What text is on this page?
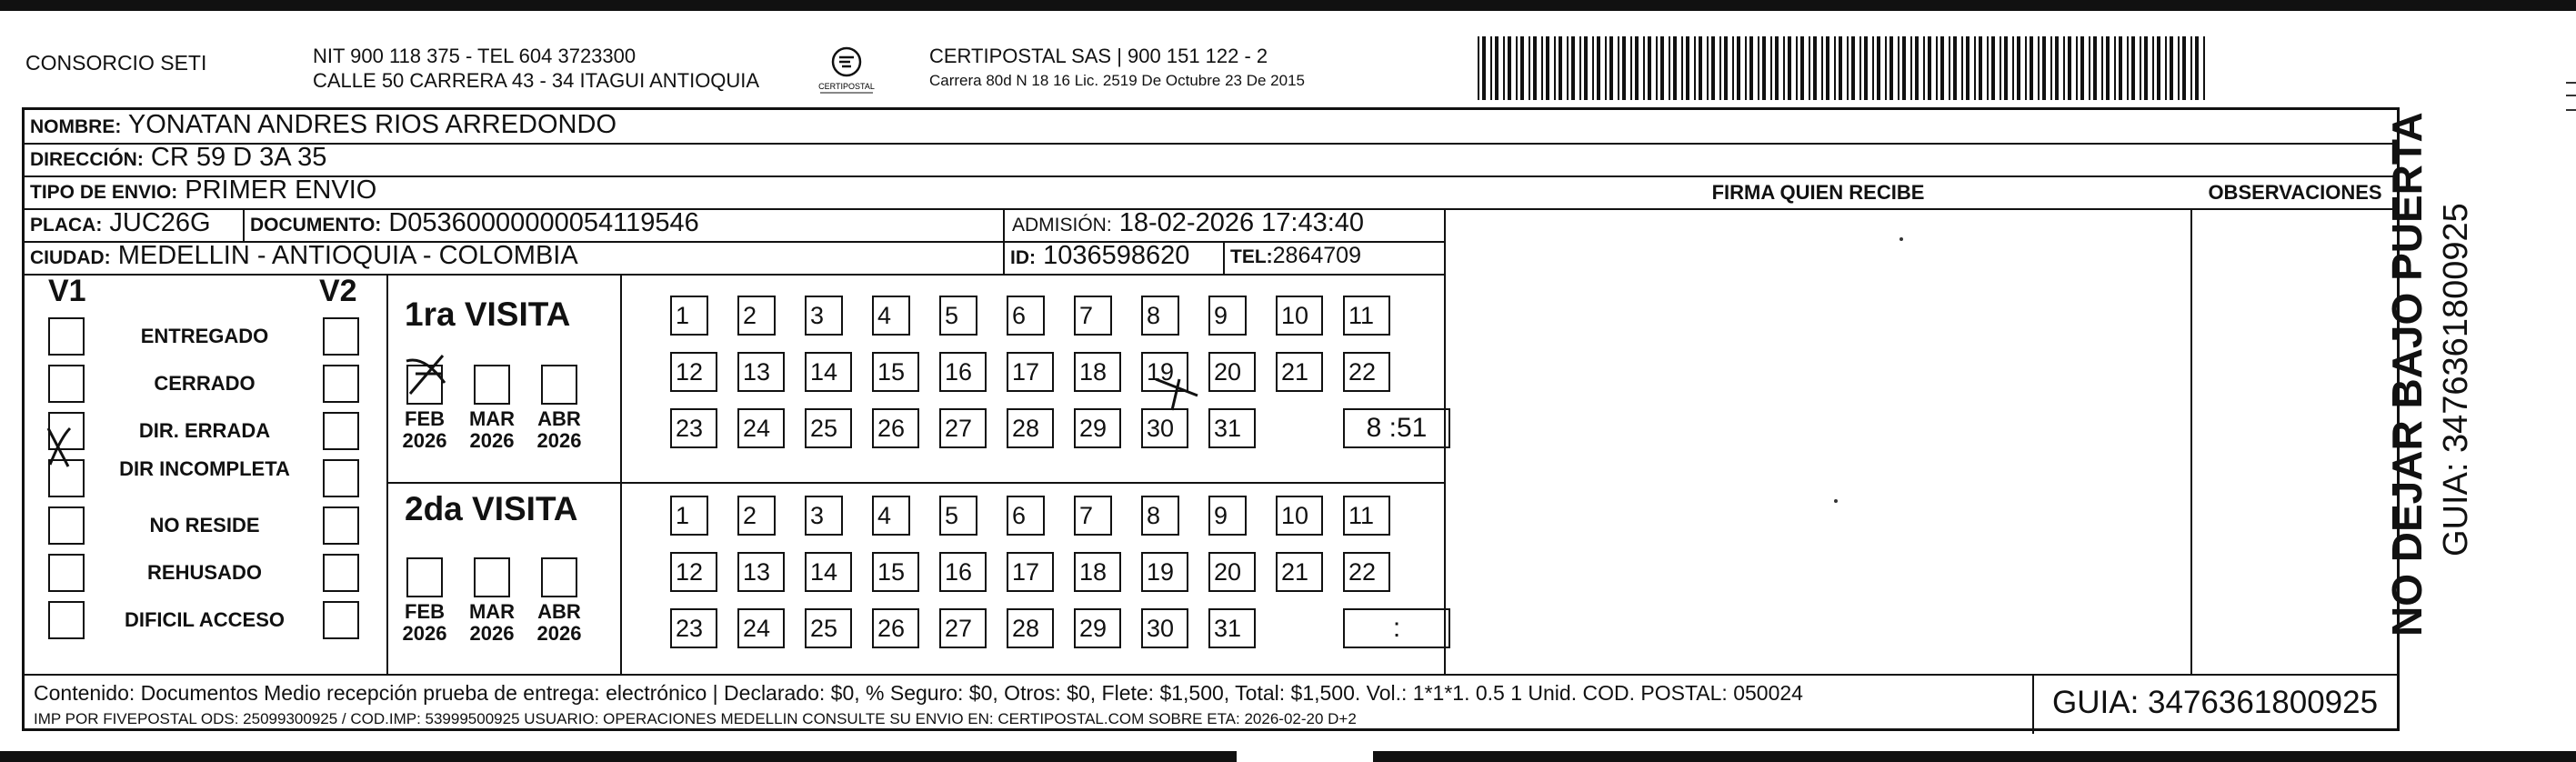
CONSORCIO SETI	NIT 900 118 375 - TEL 604 3723300
CALLE 50 CARRERA 43 - 34 ITAGUI ANTIOQUIA	CERTIPOSTAL
CERTIPOSTAL SAS | 900 151 122 - 2
Carrera 80d N 18 16 Lic. 2519 De Octubre 23 De 2015
NOMBRE: YONATAN ANDRES RIOS ARREDONDO
DIRECCIÓN: CR 59 D 3A 35
TIPO DE ENVIO: PRIMER ENVIO
PLACA: JUC26G DOCUMENTO: D05360000000054119546	ADMISIÓN: 18-02-2026 17:43:40
CIUDAD: MEDELLIN - ANTIOQUIA - COLOMBIA	ID: 1036598620 TEL:2864709
FIRMA QUIEN RECIBE	OBSERVACIONES
V1	V2
ENTREGADO
CERRADO
DIR. ERRADA
DIR INCOMPLETA
NO RESIDE
REHUSADO
DIFICIL ACCESO
1ra VISITA
FEB
2026
MAR
2026
ABR
2026
1	2	3	4	5	6	7	8	9	10	11
12	13	14	15	16	17	18	19	20	21	22
23	24	25	26	27	28	29	30	31	8 :51
2da VISITA
FEB
2026
MAR
2026
ABR
2026
1	2	3	4	5	6	7	8	9	10	11
12	13	14	15	16	17	18	19	20	21	22
23	24	25	26	27	28	29	30	31	:
Contenido: Documentos Medio recepción prueba de entrega: electrónico | Declarado: $0, % Seguro: $0, Otros: $0, Flete: $1,500, Total: $1,500. Vol.: 1*1*1. 0.5 1 Unid. COD. POSTAL: 050024
IMP POR FIVEPOSTAL ODS: 25099300925 / COD.IMP: 53999500925 USUARIO: OPERACIONES MEDELLIN CONSULTE SU ENVIO EN: CERTIPOSTAL.COM SOBRE ETA: 2026-02-20 D+2	GUIA: 3476361800925
NO DEJAR BAJO PUERTA GUIA: 3476361800925
